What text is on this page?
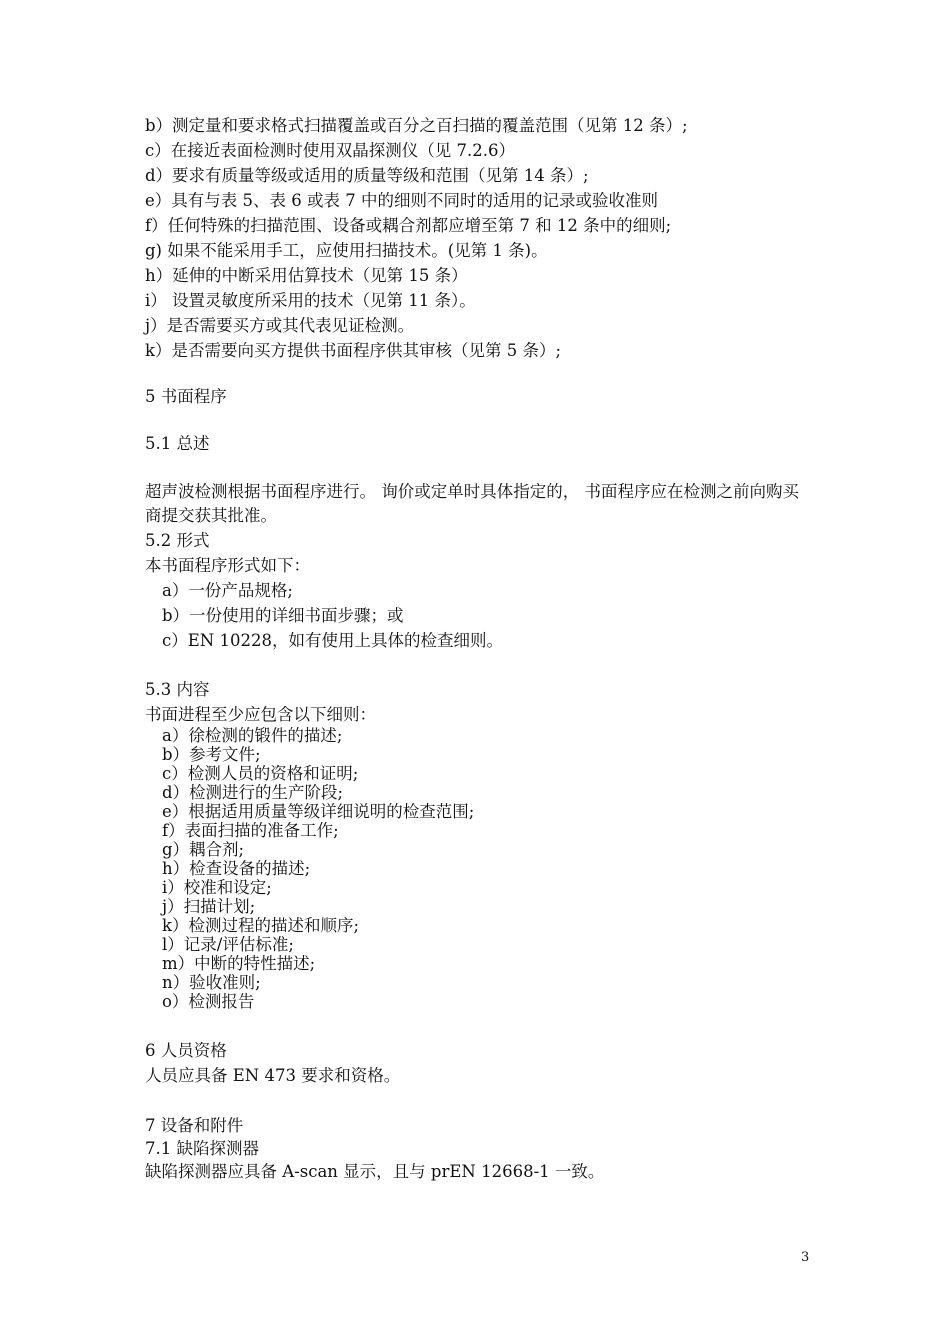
b）测定量和要求格式扫描覆盖或百分之百扫描的覆盖范围（见第 12 条）;
c）在接近表面检测时使用双晶探测仪（见 7.2.6）
d）要求有质量等级或适用的质量等级和范围（见第 14 条）;
e）具有与表 5、表 6 或表 7 中的细则不同时的适用的记录或验收准则
f）任何特殊的扫描范围、设备或耦合剂都应增至第 7 和 12 条中的细则;
g) 如果不能采用手工，应使用扫描技术。(见第 1 条)。
h）延伸的中断采用估算技术（见第 15 条）
i） 设置灵敏度所采用的技术（见第 11 条）。
j）是否需要买方或其代表见证检测。
k）是否需要向买方提供书面程序供其审核（见第 5 条）;
5 书面程序
5.1 总述
超声波检测根据书面程序进行。 询价或定单时具体指定的， 书面程序应在检测之前向购买商提交获其批准。
5.2 形式
本书面程序形式如下：
a）一份产品规格;
b）一份使用的详细书面步骤；或
c）EN 10228，如有使用上具体的检查细则。
5.3 内容
书面进程至少应包含以下细则：
a）徐检测的锻件的描述;
b）参考文件;
c）检测人员的资格和证明;
d）检测进行的生产阶段;
e）根据适用质量等级详细说明的检查范围;
f）表面扫描的准备工作;
g）耦合剂;
h）检查设备的描述;
i）校准和设定;
j）扫描计划;
k）检测过程的描述和顺序;
l）记录/评估标准;
m）中断的特性描述;
n）验收准则;
o）检测报告
6 人员资格
人员应具备 EN 473 要求和资格。
7 设备和附件
7.1 缺陷探测器
缺陷探测器应具备 A-scan 显示，且与 prEN 12668-1 一致。
3
